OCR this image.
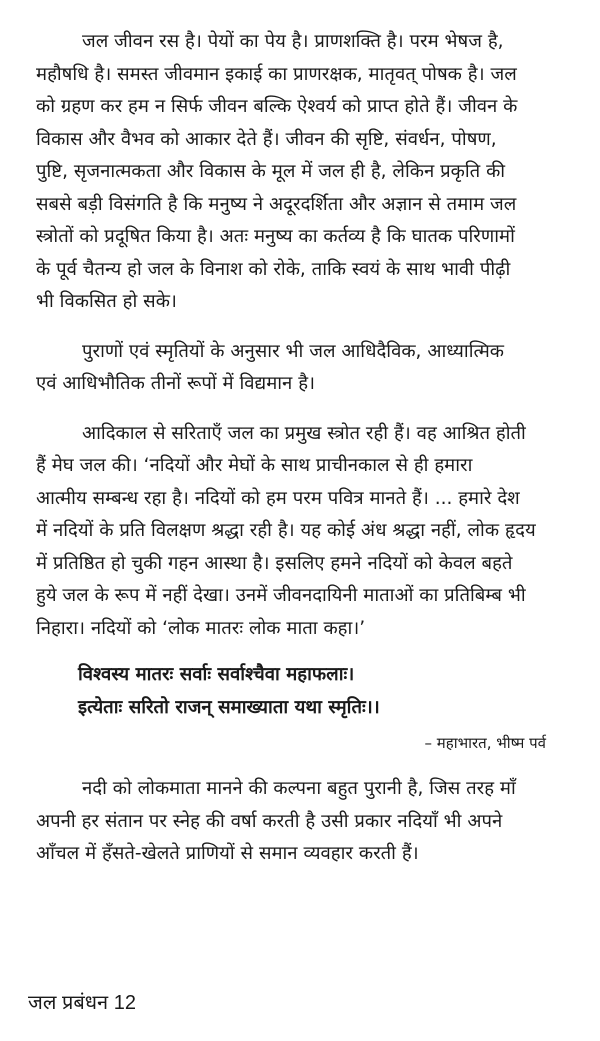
जल जीवन रस है। पेयों का पेय है। प्राणशक्ति है। परम भेषज है,
महौषधि है। समस्त जीवमान इकाई का प्राणरक्षक, मातृवत् पोषक है। जल
को ग्रहण कर हम न सिर्फ जीवन बल्कि ऐश्वर्य को प्राप्त होते हैं। जीवन के
विकास और वैभव को आकार देते हैं। जीवन की सृष्टि, संवर्धन, पोषण,
पुष्टि, सृजनात्मकता और विकास के मूल में जल ही है, लेकिन प्रकृति की
सबसे बड़ी विसंगति है कि मनुष्य ने अदूरदर्शिता और अज्ञान से तमाम जल
स्त्रोतों को प्रदूषित किया है। अतः मनुष्य का कर्तव्य है कि घातक परिणामों
के पूर्व चैतन्य हो जल के विनाश को रोके, ताकि स्वयं के साथ भावी पीढ़ी
भी विकसित हो सके।

पुराणों एवं स्मृतियों के अनुसार भी जल आधिदैविक, आध्यात्मिक
एवं आधिभौतिक तीनों रूपों में विद्यमान है।

आदिकाल से सरिताएँ जल का प्रमुख स्त्रोत रही हैं। वह आश्रित होती
हैं मेघ जल की। ‘नदियों और मेघों के साथ प्राचीनकाल से ही हमारा
आत्मीय सम्बन्ध रहा है। नदियों को हम परम पवित्र मानते हैं। ... हमारे देश
में नदियों के प्रति विलक्षण श्रद्धा रही है। यह कोई अंध श्रद्धा नहीं, लोक हृदय
में प्रतिष्ठित हो चुकी गहन आस्था है। इसलिए हमने नदियों को केवल बहते
हुये जल के रूप में नहीं देखा। उनमें जीवनदायिनी माताओं का प्रतिबिम्ब भी
निहारा। नदियों को ‘लोक मातरः लोक माता कहा।’

विश्वस्य मातरः सर्वाः सर्वाश्चैवा महाफलाः।
इत्येताः सरितो राजन् समाख्याता यथा स्मृतिः।।

– महाभारत, भीष्म पर्व

नदी को लोकमाता मानने की कल्पना बहुत पुरानी है, जिस तरह माँ
अपनी हर संतान पर स्नेह की वर्षा करती है उसी प्रकार नदियाँ भी अपने
आँचल में हँसते-खेलते प्राणियों से समान व्यवहार करती हैं।

जल प्रबंधन 12
